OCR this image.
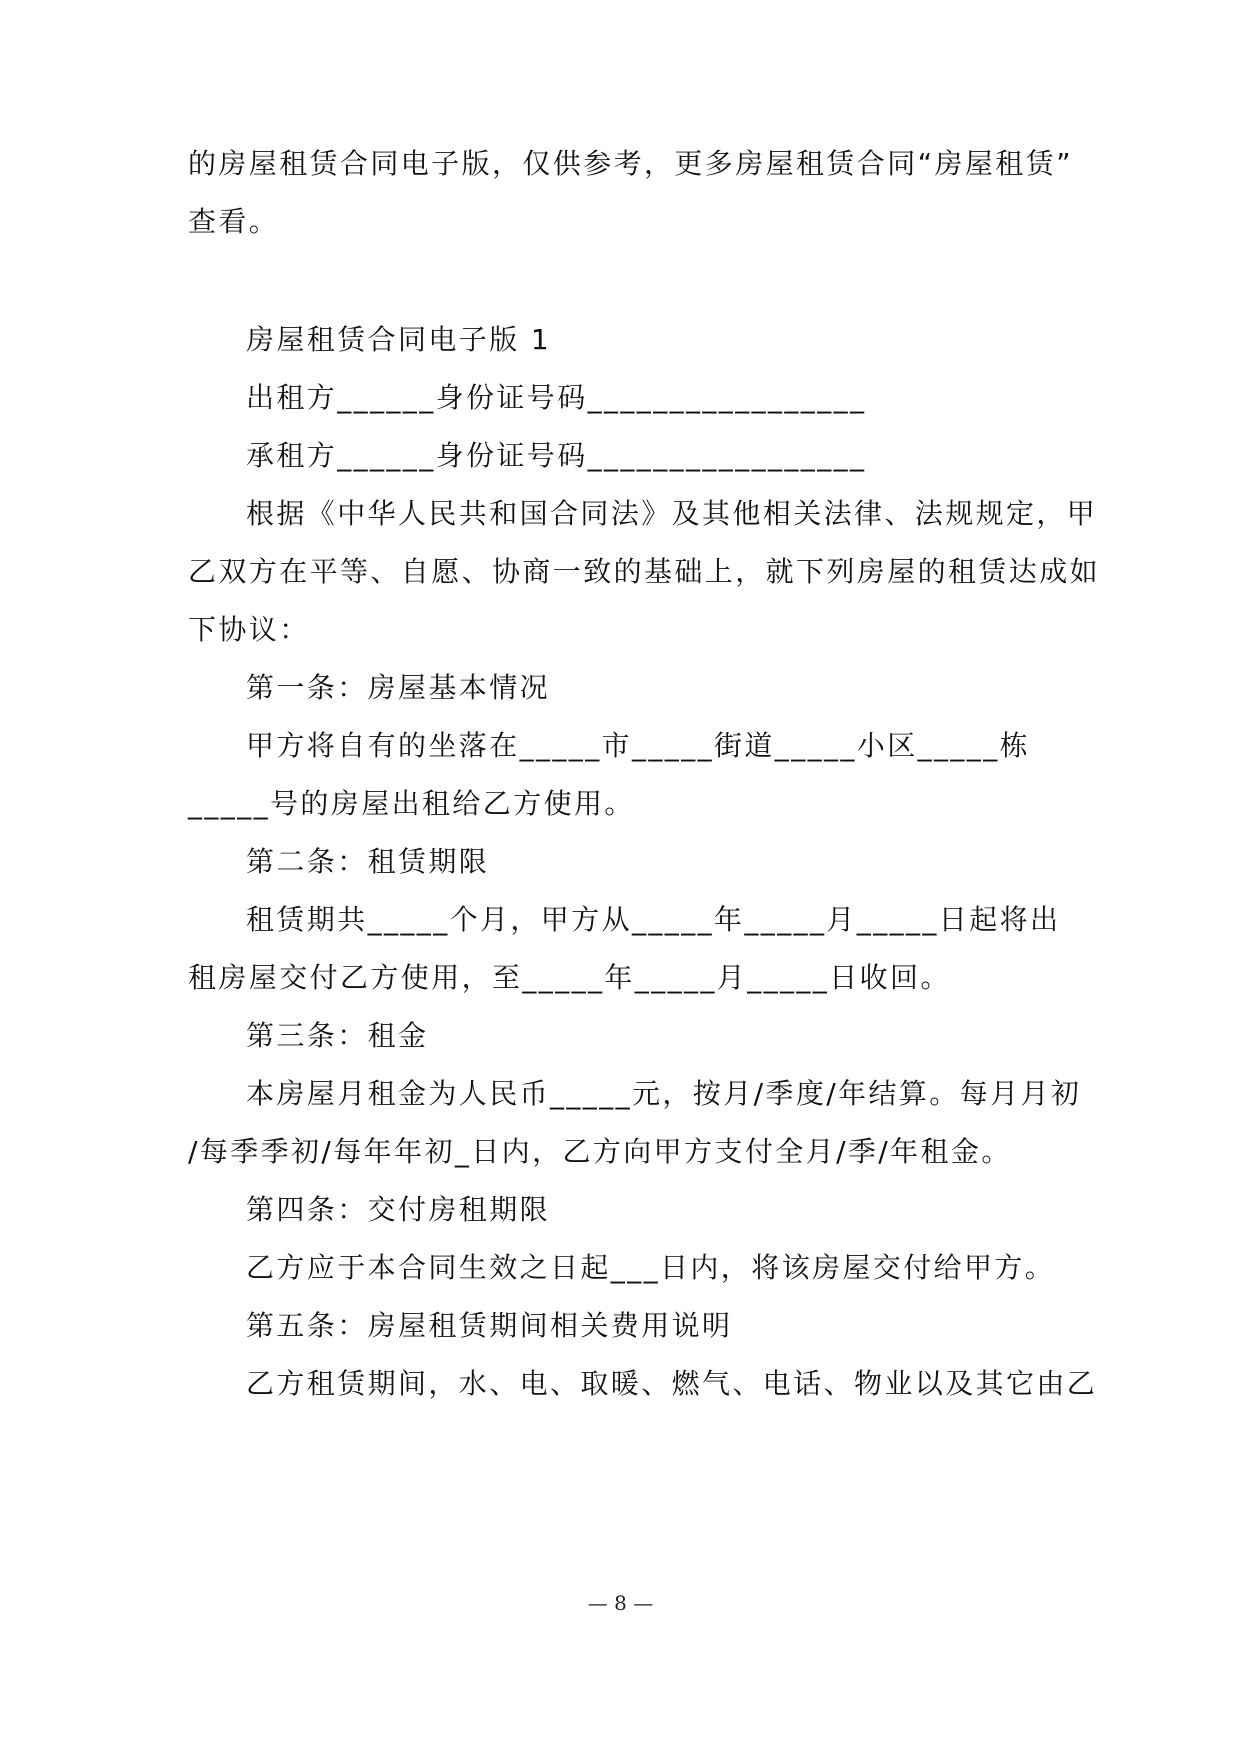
的房屋租赁合同电子版，仅供参考，更多房屋租赁合同“房屋租赁”
查看。
房屋租赁合同电子版 1
出租方______身份证号码_________________
承租方______身份证号码_________________
根据《中华人民共和国合同法》及其他相关法律、法规规定，甲
乙双方在平等、自愿、协商一致的基础上，就下列房屋的租赁达成如
下协议：
第一条：房屋基本情况
甲方将自有的坐落在_____市_____街道_____小区_____栋
_____号的房屋出租给乙方使用。
第二条：租赁期限
租赁期共_____个月，甲方从_____年_____月_____日起将出
租房屋交付乙方使用，至_____年_____月_____日收回。
第三条：租金
本房屋月租金为人民币_____元，按月/季度/年结算。每月月初
/每季季初/每年年初_日内，乙方向甲方支付全月/季/年租金。
第四条：交付房租期限
乙方应于本合同生效之日起___日内，将该房屋交付给甲方。
第五条：房屋租赁期间相关费用说明
乙方租赁期间，水、电、取暖、燃气、电话、物业以及其它由乙
— 8 —
